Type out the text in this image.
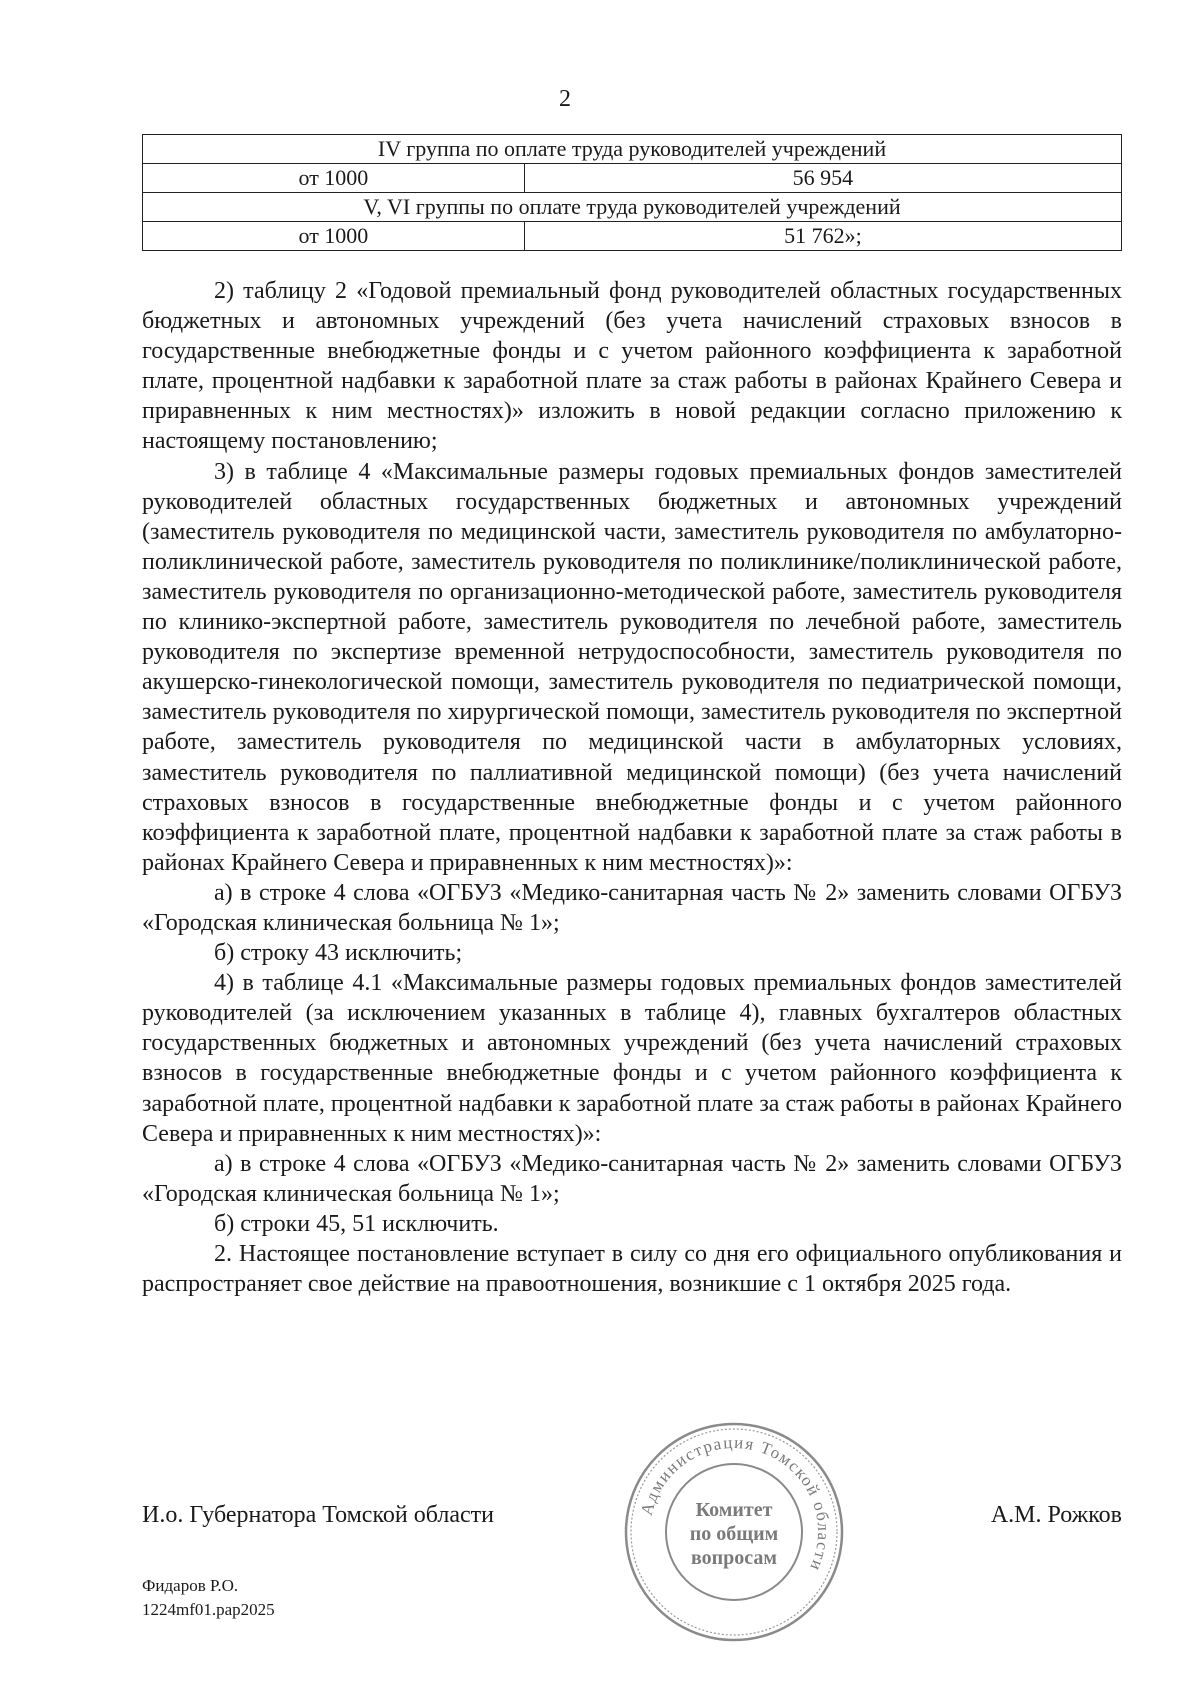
2
IV группа по оплате труда руководителей учреждений	
от 1000	56 954
V, VI группы по оплате труда руководителей учреждений	
от 1000	51 762»;

2) таблицу 2 «Годовой премиальный фонд руководителей областных государственных бюджетных и автономных учреждений (без учета начислений страховых взносов в государственные внебюджетные фонды и с учетом районного коэффициента к заработной плате, процентной надбавки к заработной плате за стаж работы в районах Крайнего Севера и приравненных к ним местностях)» изложить в новой редакции согласно приложению к настоящему постановлению;

3) в таблице 4 «Максимальные размеры годовых премиальных фондов заместителей руководителей областных государственных бюджетных и автономных учреждений (заместитель руководителя по медицинской части, заместитель руководителя по амбулаторно-поликлинической работе, заместитель руководителя по поликлинике/поликлинической работе, заместитель руководителя по организационно-методической работе, заместитель руководителя по клинико-экспертной работе, заместитель руководителя по лечебной работе, заместитель руководителя по экспертизе временной нетрудоспособности, заместитель руководителя по акушерско-гинекологической помощи, заместитель руководителя по педиатрической помощи, заместитель руководителя по хирургической помощи, заместитель руководителя по экспертной работе, заместитель руководителя по медицинской части в амбулаторных условиях, заместитель руководителя по паллиативной медицинской помощи) (без учета начислений страховых взносов в государственные внебюджетные фонды и с учетом районного коэффициента к заработной плате, процентной надбавки к заработной плате за стаж работы в районах Крайнего Севера и приравненных к ним местностях)»:

а) в строке 4 слова «ОГБУЗ «Медико-санитарная часть № 2» заменить словами ОГБУЗ «Городская клиническая больница № 1»;

б) строку 43 исключить;

4) в таблице 4.1 «Максимальные размеры годовых премиальных фондов заместителей руководителей (за исключением указанных в таблице 4), главных бухгалтеров областных государственных бюджетных и автономных учреждений (без учета начислений страховых взносов в государственные внебюджетные фонды и с учетом районного коэффициента к заработной плате, процентной надбавки к заработной плате за стаж работы в районах Крайнего Севера и приравненных к ним местностях)»:

а) в строке 4 слова «ОГБУЗ «Медико-санитарная часть № 2» заменить словами ОГБУЗ «Городская клиническая больница № 1»;

б) строки 45, 51 исключить.

2. Настоящее постановление вступает в силу со дня его официального опубликования и распространяет свое действие на правоотношения, возникшие с 1 октября 2025 года.

Администрация Томской области
Комитет
по общим
вопросам
И.о. Губернатора Томской области	А.М. Рожков
Фидаров Р.О.
1224mf01.pap2025
